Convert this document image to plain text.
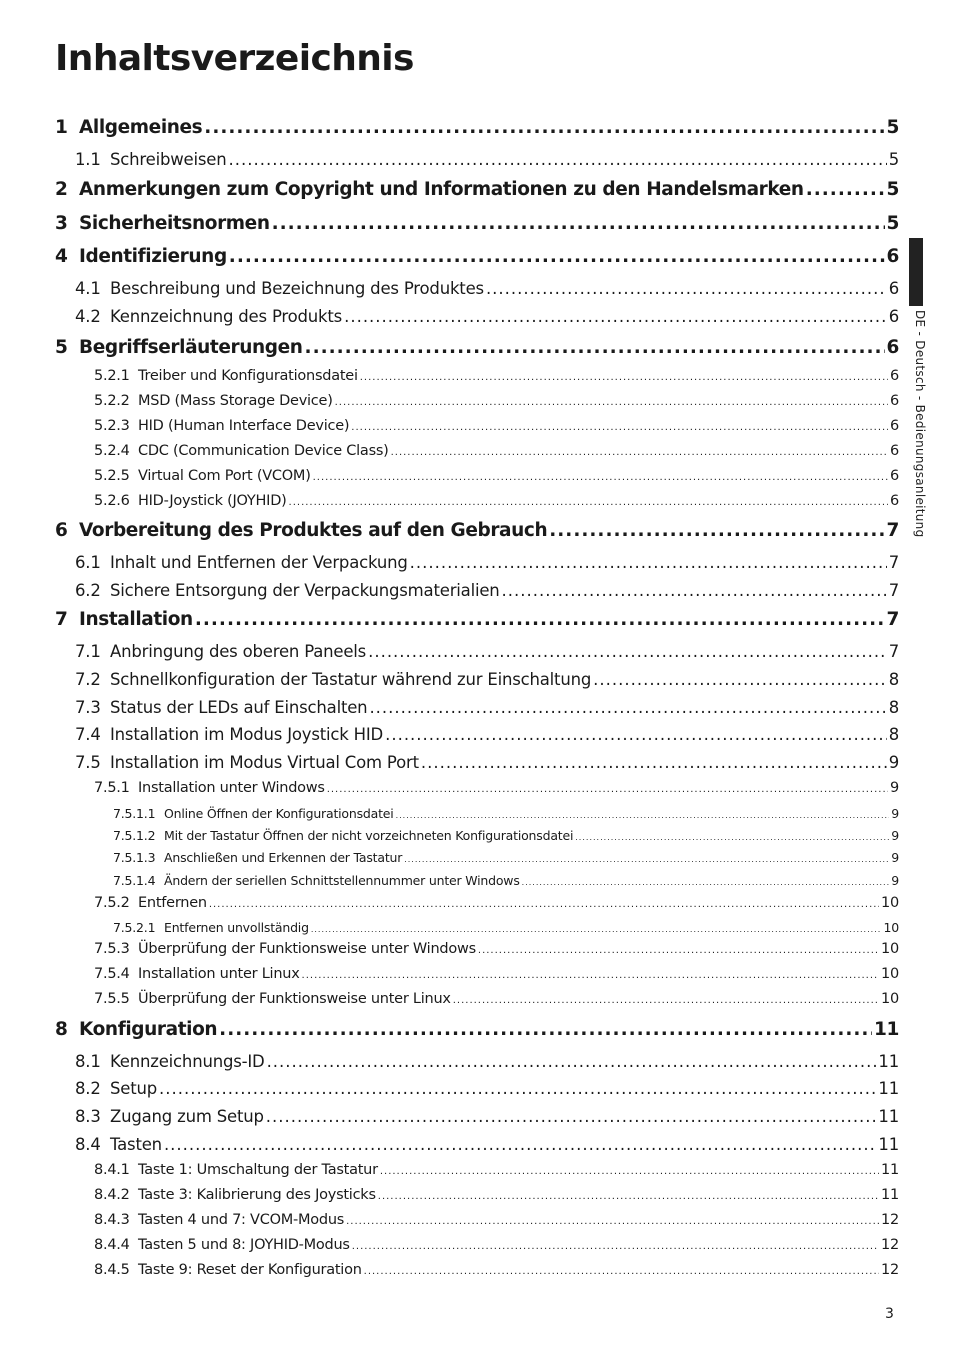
Inhaltsverzeichnis
1 Allgemeines .....	5
1.1 Schreibweisen .....	5
2 Anmerkungen zum Copyright und Informationen zu den Handelsmarken .....	5
3 Sicherheitsnormen .....	5
4 Identifizierung .....	6
4.1 Beschreibung und Bezeichnung des Produktes .....	6
4.2 Kennzeichnung des Produkts .....	6
5 Begriffserläuterungen .....	6
5.2.1 Treiber und Konfigurationsdatei .....	6
5.2.2 MSD (Mass Storage Device) .....	6
5.2.3 HID (Human Interface Device) .....	6
5.2.4 CDC (Communication Device Class) .....	6
5.2.5 Virtual Com Port (VCOM) .....	6
5.2.6 HID-Joystick (JOYHID) .....	6
6 Vorbereitung des Produktes auf den Gebrauch .....	7
6.1 Inhalt und Entfernen der Verpackung .....	7
6.2 Sichere Entsorgung der Verpackungsmaterialien .....	7
7 Installation .....	7
7.1 Anbringung des oberen Paneels .....	7
7.2 Schnellkonfiguration der Tastatur während zur Einschaltung .....	8
7.3 Status der LEDs auf Einschalten .....	8
7.4 Installation im Modus Joystick HID .....	8
7.5 Installation im Modus Virtual Com Port .....	9
7.5.1 Installation unter Windows .....	9
7.5.1.1 Online Öffnen der Konfigurationsdatei .....	9
7.5.1.2 Mit der Tastatur Öffnen der nicht vorzeichneten Konfigurationsdatei .....	9
7.5.1.3 Anschließen und Erkennen der Tastatur .....	9
7.5.1.4 Ändern der seriellen Schnittstellennummer unter Windows .....	9
7.5.2 Entfernen .....	10
7.5.2.1 Entfernen unvollständig .....	10
7.5.3 Überprüfung der Funktionsweise unter Windows .....	10
7.5.4 Installation unter Linux .....	10
7.5.5 Überprüfung der Funktionsweise unter Linux .....	10
8 Konfiguration .....	11
8.1 Kennzeichnungs-ID .....	11
8.2 Setup .....	11
8.3 Zugang zum Setup .....	11
8.4 Tasten .....	11
8.4.1 Taste 1: Umschaltung der Tastatur .....	11
8.4.2 Taste 3: Kalibrierung des Joysticks .....	11
8.4.3 Tasten 4 und 7: VCOM-Modus .....	12
8.4.4 Tasten 5 und 8: JOYHID-Modus .....	12
8.4.5 Taste 9: Reset der Konfiguration .....	12
DE - Deutsch - Bedienungsanleitung
3
